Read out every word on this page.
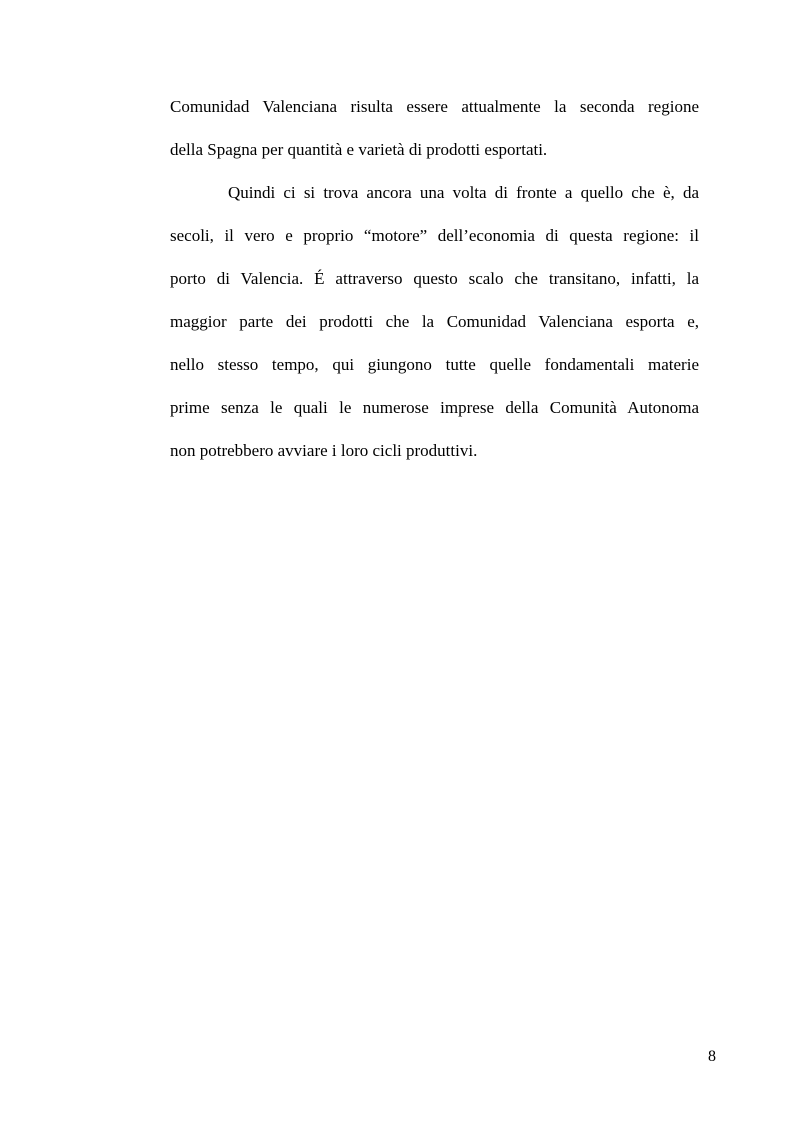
Comunidad Valenciana risulta essere attualmente la seconda regione
della Spagna per quantità e varietà di prodotti esportati.
Quindi ci si trova ancora una volta di fronte a quello che è, da
secoli, il vero e proprio “motore” dell’economia di questa regione: il
porto di Valencia. É attraverso questo scalo che transitano, infatti, la
maggior parte dei prodotti che la Comunidad Valenciana esporta e,
nello stesso tempo, qui giungono tutte quelle fondamentali materie
prime senza le quali le numerose imprese della Comunità Autonoma
non potrebbero avviare i loro cicli produttivi.
8
